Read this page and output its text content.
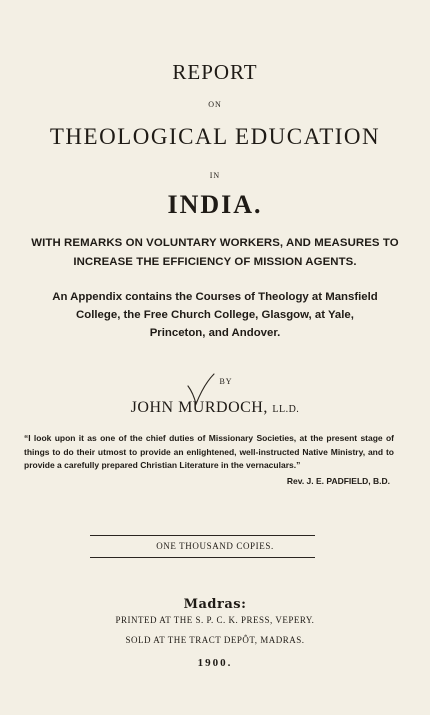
REPORT
ON
THEOLOGICAL EDUCATION
IN
INDIA.
WITH REMARKS ON VOLUNTARY WORKERS, AND MEASURES TO
INCREASE THE EFFICIENCY OF MISSION AGENTS.
An Appendix contains the Courses of Theology at Mansfield
College, the Free Church College, Glasgow, at Yale,
Princeton, and Andover.
BY
JOHN MURDOCH, LL.D.
“I look upon it as one of the chief duties of Missionary Societies, at the present stage of things to do their utmost to provide an enlightened, well-instructed Native Ministry, and to provide a carefully prepared Christian Literature in the vernaculars.”
Rev. J. E. PADFIELD, B.D.
ONE THOUSAND COPIES.
Madras:
PRINTED AT THE S. P. C. K. PRESS, VEPERY.
SOLD AT THE TRACT DEPÔT, MADRAS.
1900.
